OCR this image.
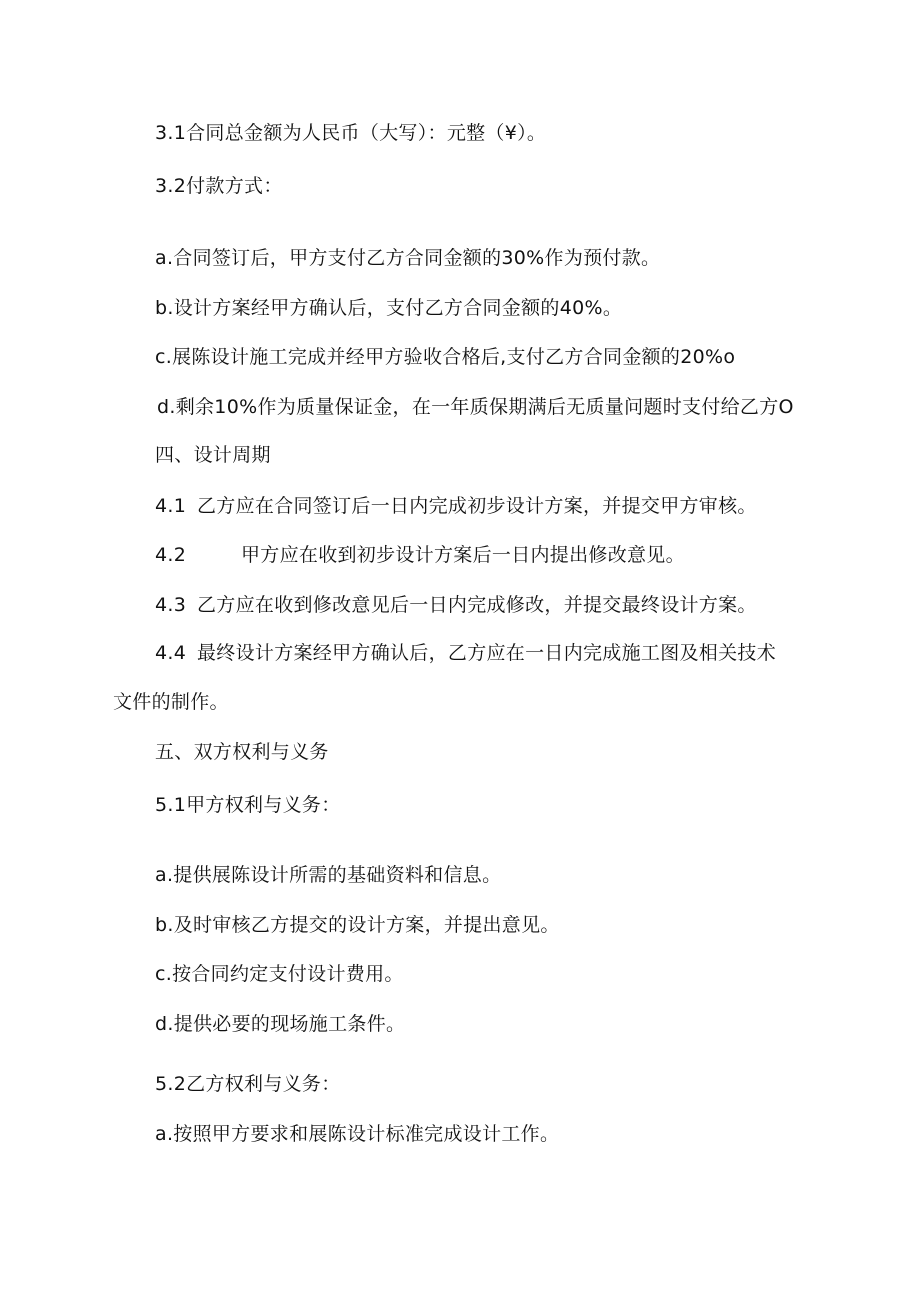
3.1合同总金额为人民币（大写）：元整（¥）。
3.2付款方式：
a.合同签订后，甲方支付乙方合同金额的30%作为预付款。
b.设计方案经甲方确认后，支付乙方合同金额的40%。
c.展陈设计施工完成并经甲方验收合格后,支付乙方合同金额的20%o
d.剩余10%作为质量保证金，在一年质保期满后无质量问题时支付给乙方O
四、设计周期
4.1 乙方应在合同签订后一日内完成初步设计方案，并提交甲方审核。
4.2	甲方应在收到初步设计方案后一日内提出修改意见。
4.3 乙方应在收到修改意见后一日内完成修改，并提交最终设计方案。
4.4 最终设计方案经甲方确认后，乙方应在一日内完成施工图及相关技术
文件的制作。
五、双方权利与义务
5.1甲方权利与义务：
a.提供展陈设计所需的基础资料和信息。
b.及时审核乙方提交的设计方案，并提出意见。
c.按合同约定支付设计费用。
d.提供必要的现场施工条件。
5.2乙方权利与义务：
a.按照甲方要求和展陈设计标准完成设计工作。
